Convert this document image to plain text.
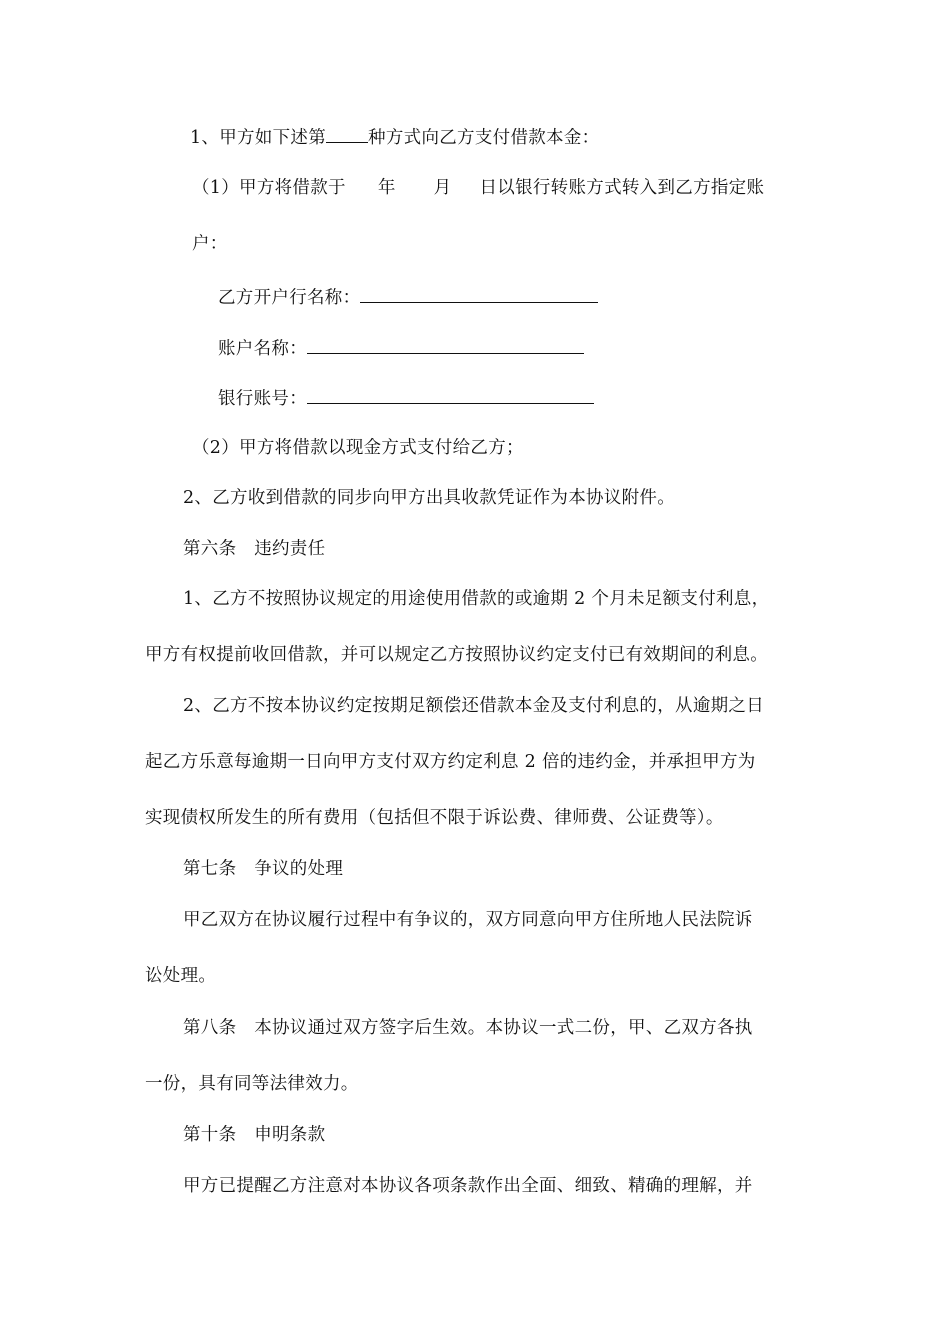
1、甲方如下述第 种方式向乙方支付借款本金：
（1）甲方将借款于 年 月 日以银行转账方式转入到乙方指定账
户：
乙方开户行名称：
账户名称：
银行账号：
（2）甲方将借款以现金方式支付给乙方；
2、乙方收到借款的同步向甲方出具收款凭证作为本协议附件。
第六条　违约责任
1、乙方不按照协议规定的用途使用借款的或逾期 2 个月未足额支付利息，
甲方有权提前收回借款，并可以规定乙方按照协议约定支付已有效期间的利息。
2、乙方不按本协议约定按期足额偿还借款本金及支付利息的，从逾期之日
起乙方乐意每逾期一日向甲方支付双方约定利息 2 倍的违约金，并承担甲方为
实现债权所发生的所有费用（包括但不限于诉讼费、律师费、公证费等）。
第七条　争议的处理
甲乙双方在协议履行过程中有争议的，双方同意向甲方住所地人民法院诉
讼处理。
第八条　本协议通过双方签字后生效。本协议一式二份，甲、乙双方各执
一份，具有同等法律效力。
第十条　申明条款
甲方已提醒乙方注意对本协议各项条款作出全面、细致、精确的理解，并
